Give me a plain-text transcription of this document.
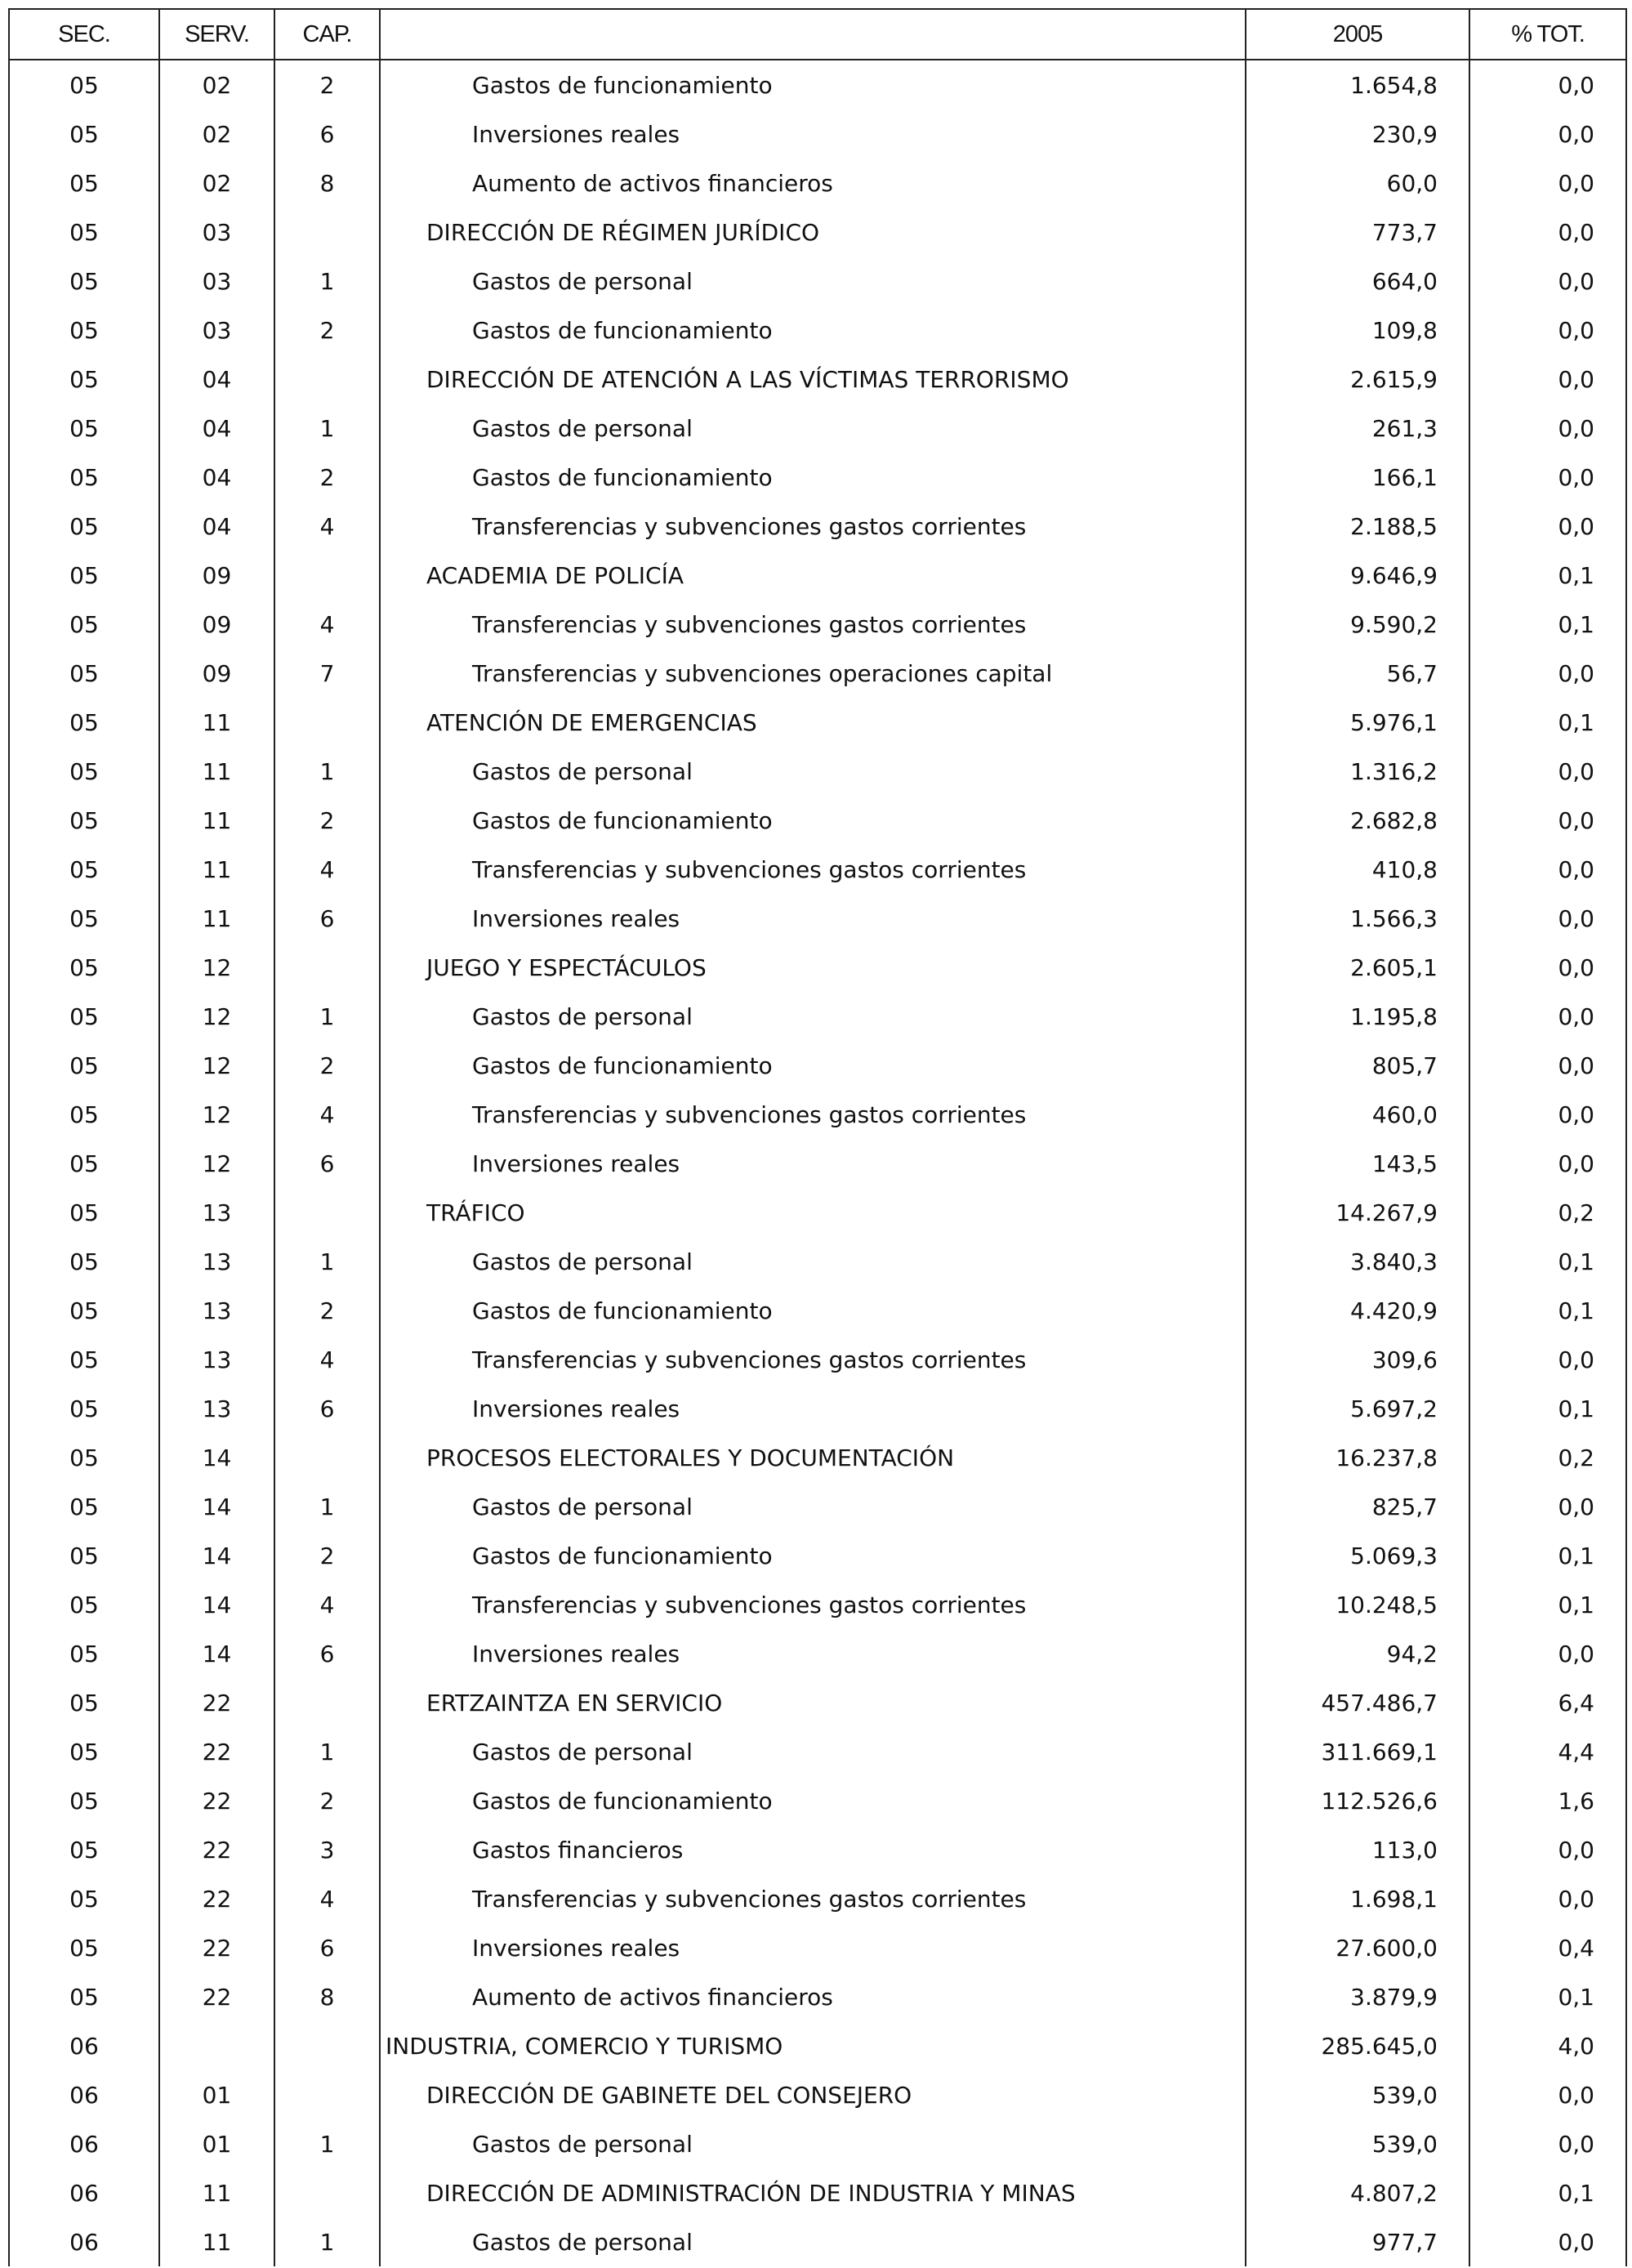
SEC.	SERV.	CAP.		2005	% TOT.
05	02	2	Gastos de funcionamiento	1.654,8	0,0
05	02	6	Inversiones reales	230,9	0,0
05	02	8	Aumento de activos financieros	60,0	0,0
05	03		DIRECCIÓN DE RÉGIMEN JURÍDICO	773,7	0,0
05	03	1	Gastos de personal	664,0	0,0
05	03	2	Gastos de funcionamiento	109,8	0,0
05	04		DIRECCIÓN DE ATENCIÓN A LAS VÍCTIMAS TERRORISMO	2.615,9	0,0
05	04	1	Gastos de personal	261,3	0,0
05	04	2	Gastos de funcionamiento	166,1	0,0
05	04	4	Transferencias y subvenciones gastos corrientes	2.188,5	0,0
05	09		ACADEMIA DE POLICÍA	9.646,9	0,1
05	09	4	Transferencias y subvenciones gastos corrientes	9.590,2	0,1
05	09	7	Transferencias y subvenciones operaciones capital	56,7	0,0
05	11		ATENCIÓN DE EMERGENCIAS	5.976,1	0,1
05	11	1	Gastos de personal	1.316,2	0,0
05	11	2	Gastos de funcionamiento	2.682,8	0,0
05	11	4	Transferencias y subvenciones gastos corrientes	410,8	0,0
05	11	6	Inversiones reales	1.566,3	0,0
05	12		JUEGO Y ESPECTÁCULOS	2.605,1	0,0
05	12	1	Gastos de personal	1.195,8	0,0
05	12	2	Gastos de funcionamiento	805,7	0,0
05	12	4	Transferencias y subvenciones gastos corrientes	460,0	0,0
05	12	6	Inversiones reales	143,5	0,0
05	13		TRÁFICO	14.267,9	0,2
05	13	1	Gastos de personal	3.840,3	0,1
05	13	2	Gastos de funcionamiento	4.420,9	0,1
05	13	4	Transferencias y subvenciones gastos corrientes	309,6	0,0
05	13	6	Inversiones reales	5.697,2	0,1
05	14		PROCESOS ELECTORALES Y DOCUMENTACIÓN	16.237,8	0,2
05	14	1	Gastos de personal	825,7	0,0
05	14	2	Gastos de funcionamiento	5.069,3	0,1
05	14	4	Transferencias y subvenciones gastos corrientes	10.248,5	0,1
05	14	6	Inversiones reales	94,2	0,0
05	22		ERTZAINTZA EN SERVICIO	457.486,7	6,4
05	22	1	Gastos de personal	311.669,1	4,4
05	22	2	Gastos de funcionamiento	112.526,6	1,6
05	22	3	Gastos financieros	113,0	0,0
05	22	4	Transferencias y subvenciones gastos corrientes	1.698,1	0,0
05	22	6	Inversiones reales	27.600,0	0,4
05	22	8	Aumento de activos financieros	3.879,9	0,1
06			INDUSTRIA, COMERCIO Y TURISMO	285.645,0	4,0
06	01		DIRECCIÓN DE GABINETE DEL CONSEJERO	539,0	0,0
06	01	1	Gastos de personal	539,0	0,0
06	11		DIRECCIÓN DE ADMINISTRACIÓN DE INDUSTRIA Y MINAS	4.807,2	0,1
06	11	1	Gastos de personal	977,7	0,0
